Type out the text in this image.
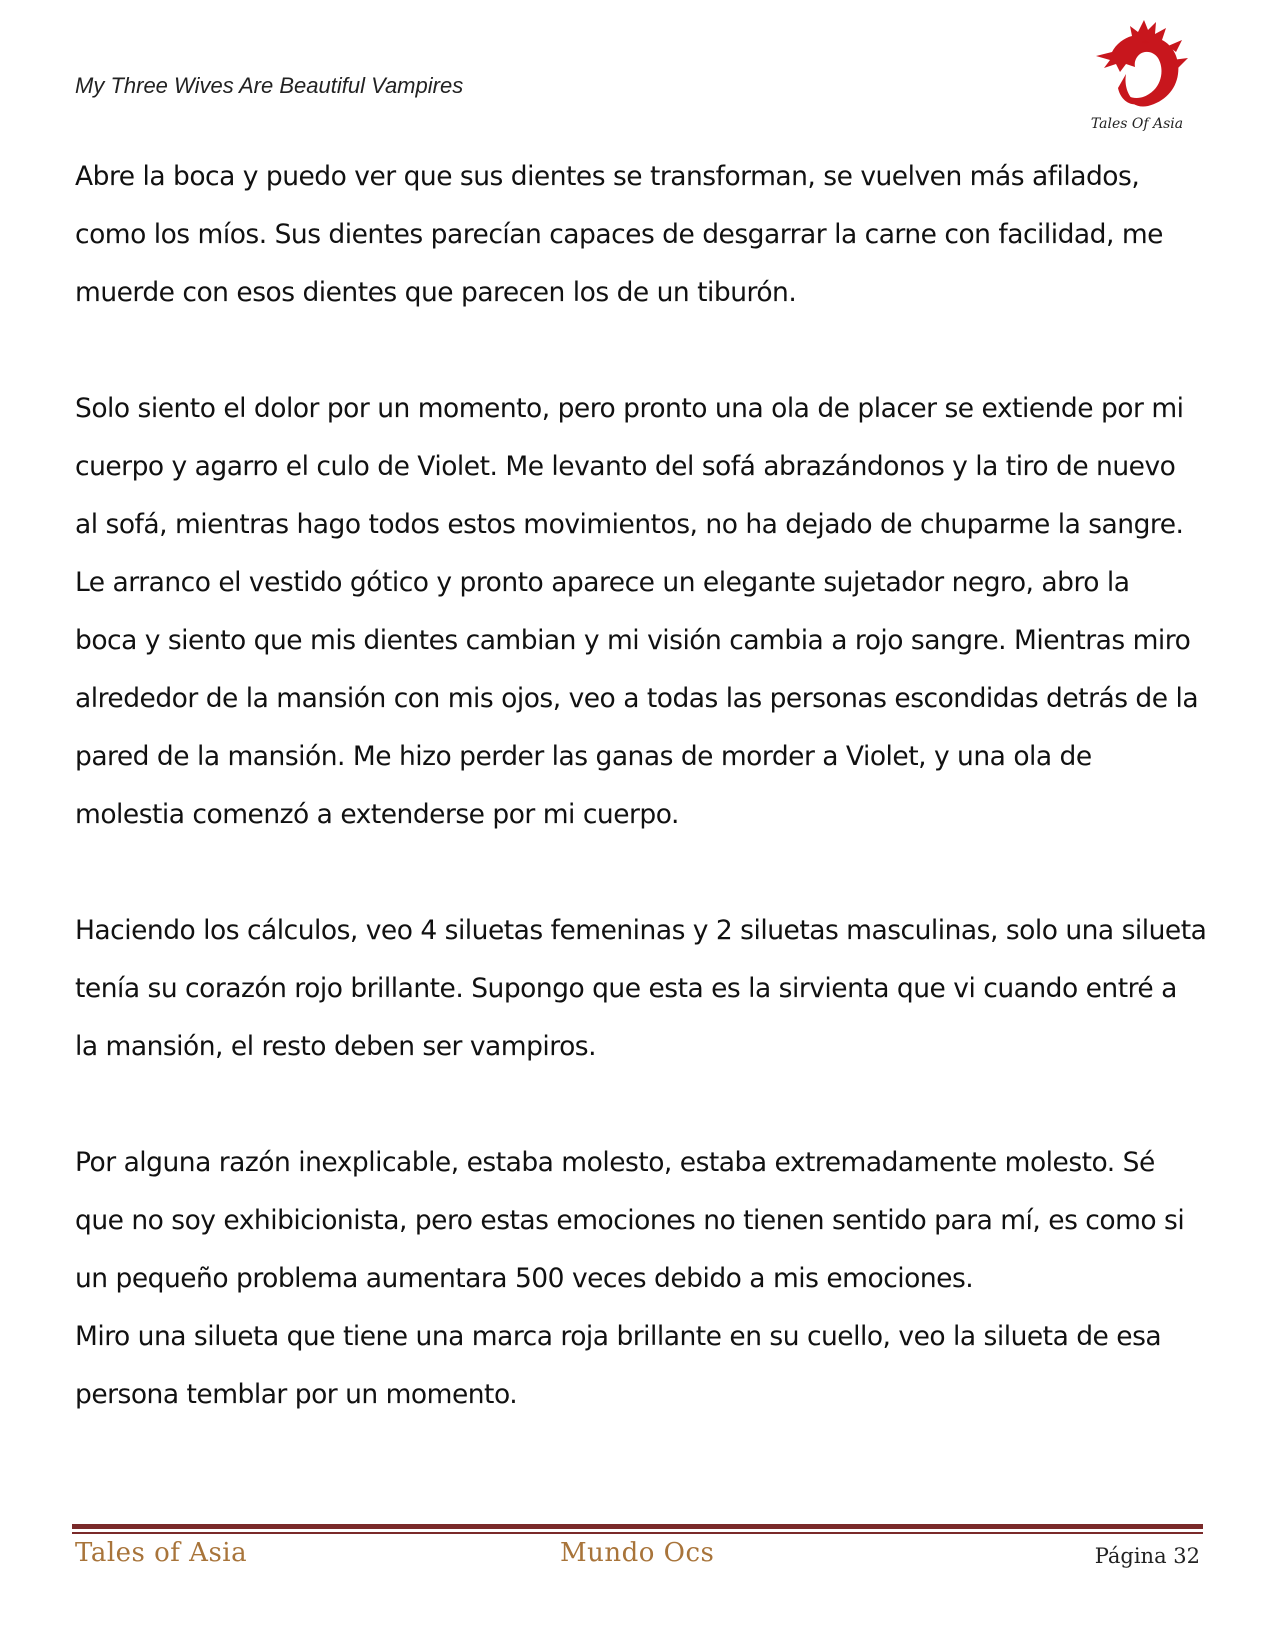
My Three Wives Are Beautiful Vampires
Tales Of Asia

Abre la boca y puedo ver que sus dientes se transforman, se vuelven más afilados,
como los míos. Sus dientes parecían capaces de desgarrar la carne con facilidad, me
muerde con esos dientes que parecen los de un tiburón.

Solo siento el dolor por un momento, pero pronto una ola de placer se extiende por mi
cuerpo y agarro el culo de Violet. Me levanto del sofá abrazándonos y la tiro de nuevo
al sofá, mientras hago todos estos movimientos, no ha dejado de chuparme la sangre.
Le arranco el vestido gótico y pronto aparece un elegante sujetador negro, abro la
boca y siento que mis dientes cambian y mi visión cambia a rojo sangre. Mientras miro
alrededor de la mansión con mis ojos, veo a todas las personas escondidas detrás de la
pared de la mansión. Me hizo perder las ganas de morder a Violet, y una ola de
molestia comenzó a extenderse por mi cuerpo.

Haciendo los cálculos, veo 4 siluetas femeninas y 2 siluetas masculinas, solo una silueta
tenía su corazón rojo brillante. Supongo que esta es la sirvienta que vi cuando entré a
la mansión, el resto deben ser vampiros.

Por alguna razón inexplicable, estaba molesto, estaba extremadamente molesto. Sé
que no soy exhibicionista, pero estas emociones no tienen sentido para mí, es como si
un pequeño problema aumentara 500 veces debido a mis emociones.

Miro una silueta que tiene una marca roja brillante en su cuello, veo la silueta de esa
persona temblar por un momento.

Tales of Asia	Mundo Ocs	Página 32
